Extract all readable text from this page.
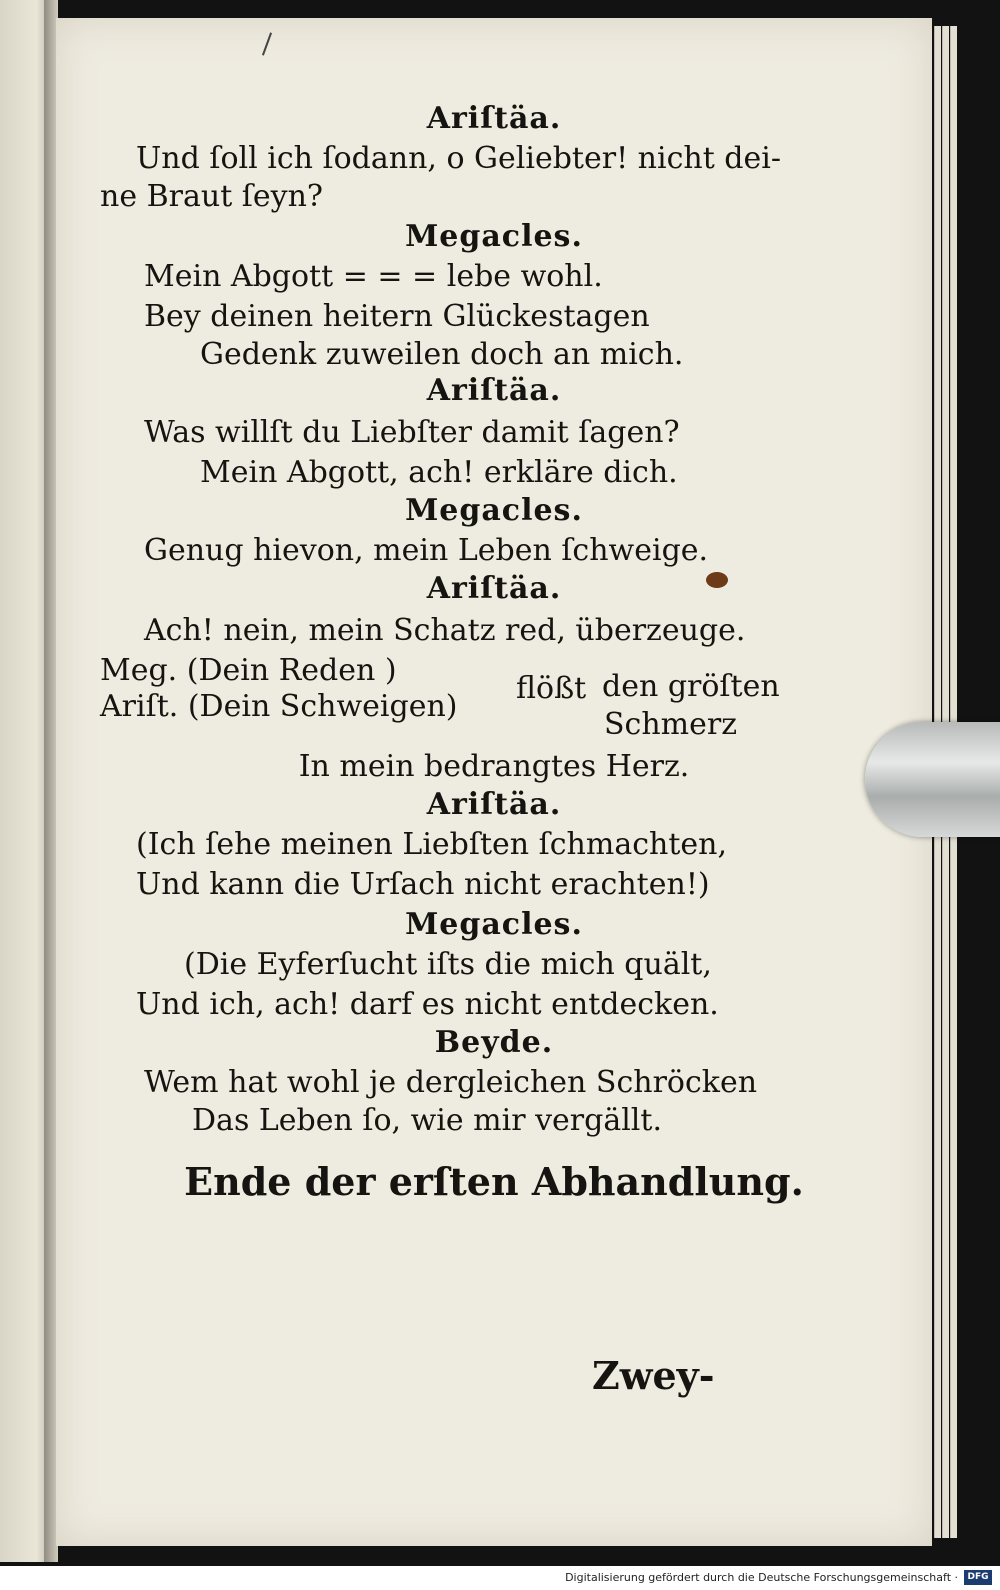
Ariſtäa.
Und ſoll ich ſodann, o Geliebter! nicht dei-
ne Braut ſeyn?
Megacles.
Mein Abgott = = = lebe wohl.
Bey deinen heitern Glückestagen
Gedenk zuweilen doch an mich.
Ariſtäa.
Was willſt du Liebſter damit ſagen?
Mein Abgott, ach! erkläre dich.
Megacles.
Genug hievon, mein Leben ſchweige.
Ariſtäa.
Ach! nein, mein Schatz red, überzeuge.
Meg. (Dein Reden )
Ariſt. (Dein Schweigen)
flößt den gröſten
Schmerz
In mein bedrangtes Herz.
Ariſtäa.
(Ich ſehe meinen Liebſten ſchmachten,
Und kann die Urſach nicht erachten!)
Megacles.
(Die Eyferſucht iſts die mich quält,
Und ich, ach! darf es nicht entdecken.
Beyde.
Wem hat wohl je dergleichen Schröcken
Das Leben ſo, wie mir vergällt.
Ende der erſten Abhandlung.
Zwey-
Digitalisierung gefördert durch die Deutsche Forschungsgemeinschaft ·	DFG
